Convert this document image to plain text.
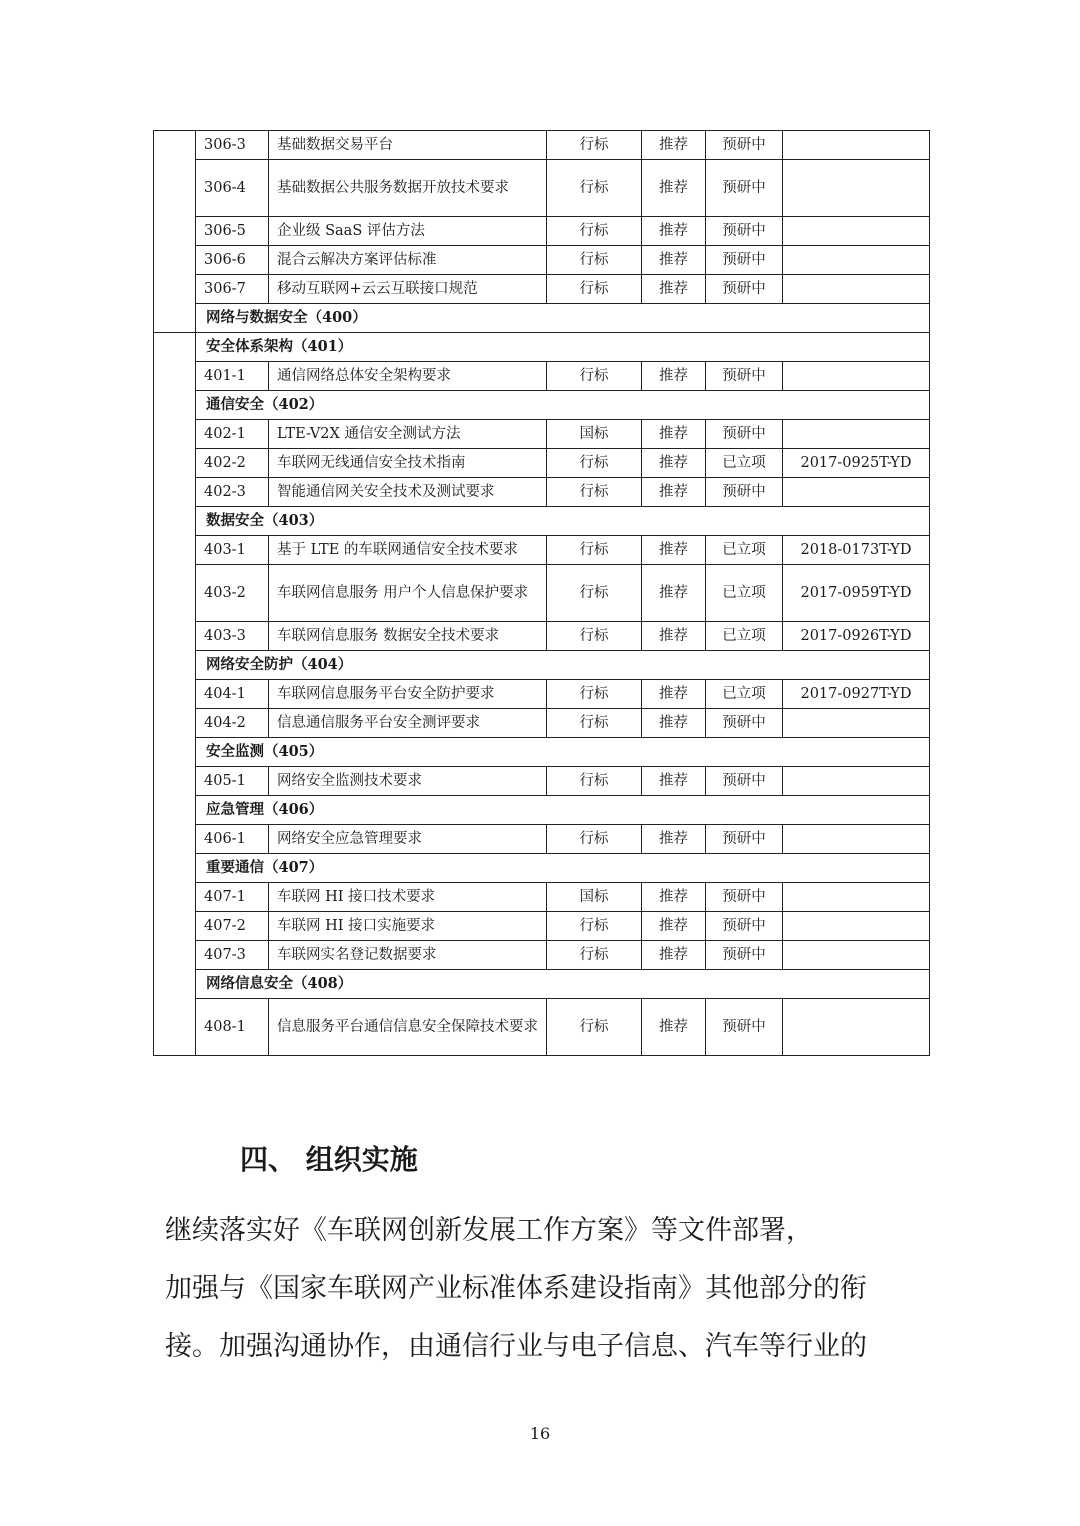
	306-3	基础数据交易平台	行标	推荐	预研中	
	306-4	基础数据公共服务数据开放技术要求	行标	推荐	预研中	
	306-5	企业级 SaaS 评估方法	行标	推荐	预研中	
	306-6	混合云解决方案评估标准	行标	推荐	预研中	
	306-7	移动互联网+云云互联接口规范	行标	推荐	预研中	
	网络与数据安全（400）					
	安全体系架构（401）					
	401-1	通信网络总体安全架构要求	行标	推荐	预研中	
	通信安全（402）					
	402-1	LTE-V2X 通信安全测试方法	国标	推荐	预研中	
	402-2	车联网无线通信安全技术指南	行标	推荐	已立项	2017-0925T-YD
	402-3	智能通信网关安全技术及测试要求	行标	推荐	预研中	
	数据安全（403）					
	403-1	基于 LTE 的车联网通信安全技术要求	行标	推荐	已立项	2018-0173T-YD
	403-2	车联网信息服务 用户个人信息保护要求	行标	推荐	已立项	2017-0959T-YD
	403-3	车联网信息服务 数据安全技术要求	行标	推荐	已立项	2017-0926T-YD
	网络安全防护（404）					
	404-1	车联网信息服务平台安全防护要求	行标	推荐	已立项	2017-0927T-YD
	404-2	信息通信服务平台安全测评要求	行标	推荐	预研中	
	安全监测（405）					
	405-1	网络安全监测技术要求	行标	推荐	预研中	
	应急管理（406）					
	406-1	网络安全应急管理要求	行标	推荐	预研中	
	重要通信（407）					
	407-1	车联网 HI 接口技术要求	国标	推荐	预研中	
	407-2	车联网 HI 接口实施要求	行标	推荐	预研中	
	407-3	车联网实名登记数据要求	行标	推荐	预研中	
	网络信息安全（408）					
	408-1	信息服务平台通信信息安全保障技术要求	行标	推荐	预研中	
四、 组织实施
继续落实好《车联网创新发展工作方案》等文件部署，
加强与《国家车联网产业标准体系建设指南》其他部分的衔
接。加强沟通协作，由通信行业与电子信息、汽车等行业的
16
